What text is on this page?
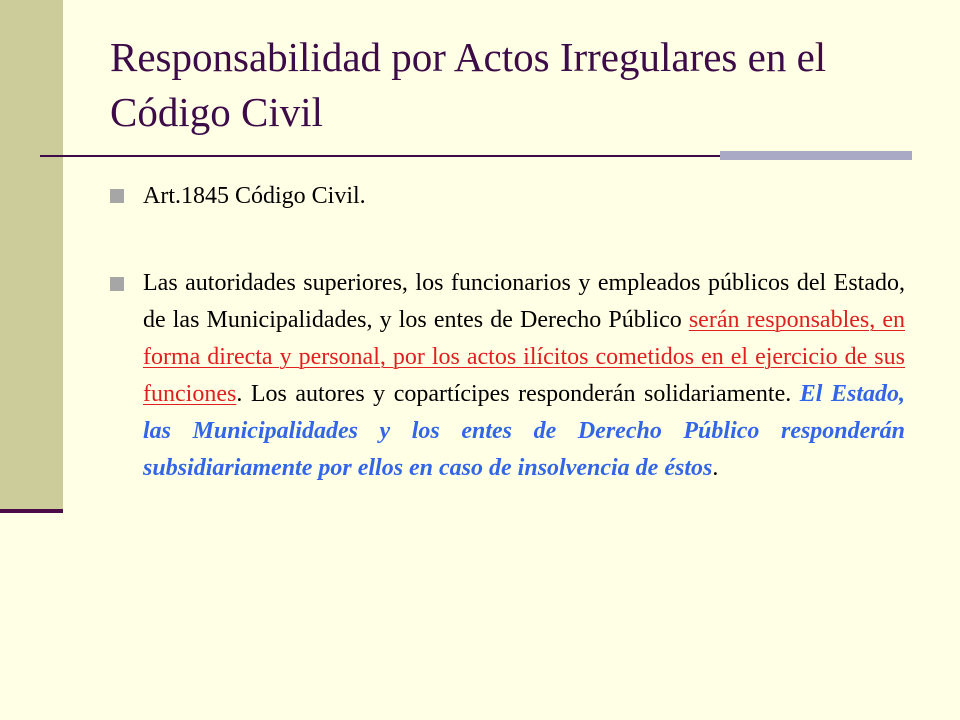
Responsabilidad por Actos Irregulares en el Código Civil
Art.1845 Código Civil.
Las autoridades superiores, los funcionarios y empleados públicos del Estado, de las Municipalidades, y los entes de Derecho Público serán responsables, en forma directa y personal, por los actos ilícitos cometidos en el ejercicio de sus funciones. Los autores y copartícipes responderán solidariamente. El Estado, las Municipalidades y los entes de Derecho Público responderán subsidiariamente por ellos en caso de insolvencia de éstos.
